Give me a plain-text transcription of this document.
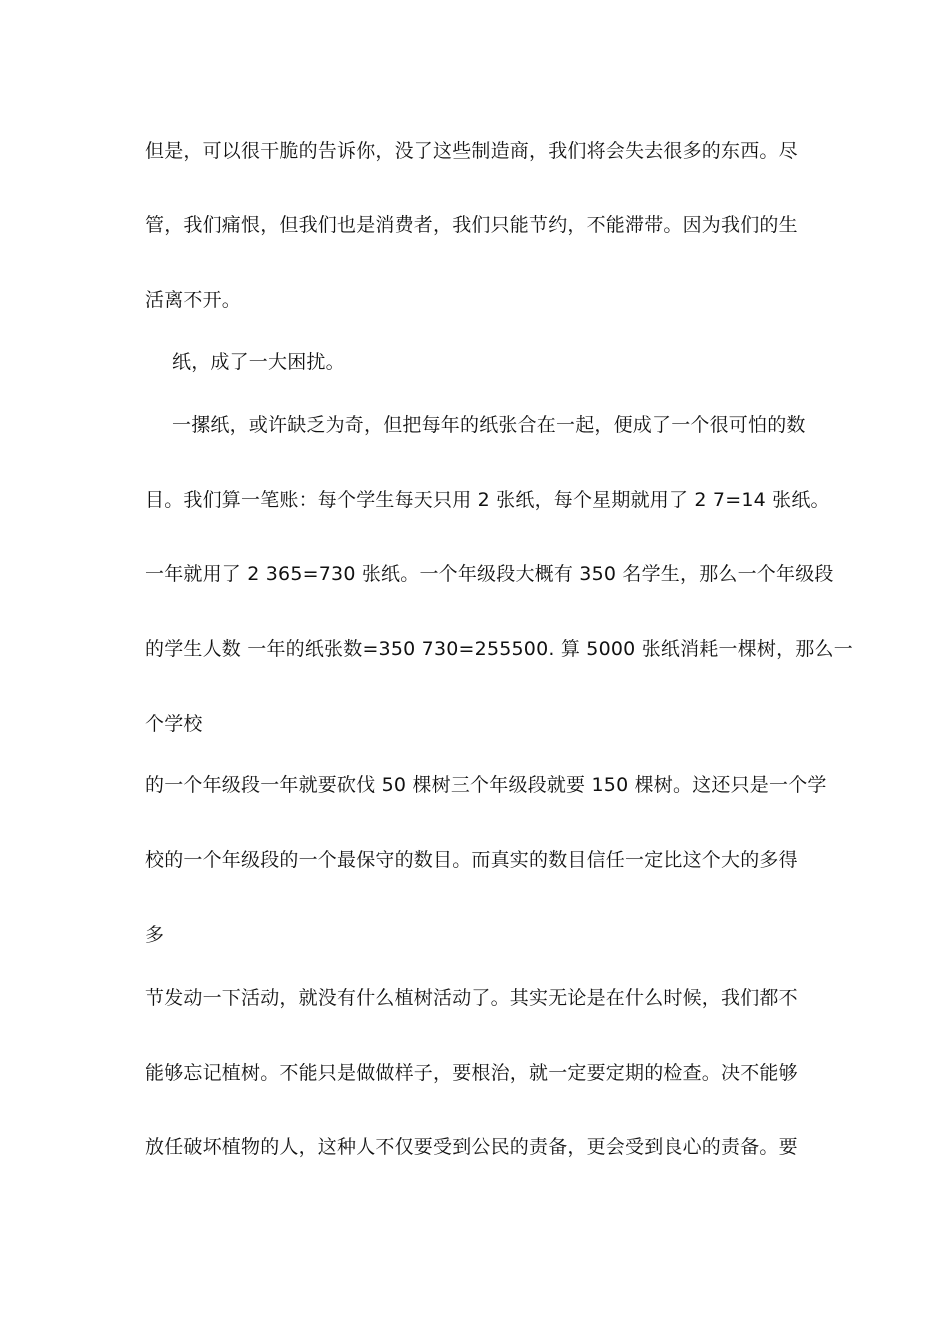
但是，可以很干脆的告诉你，没了这些制造商，我们将会失去很多的东西。尽
管，我们痛恨，但我们也是消费者，我们只能节约，不能滞带。因为我们的生
活离不开。
纸，成了一大困扰。
一摞纸，或许缺乏为奇，但把每年的纸张合在一起，便成了一个很可怕的数
目。我们算一笔账：每个学生每天只用 2 张纸，每个星期就用了 2 7=14 张纸。
一年就用了 2 365=730 张纸。一个年级段大概有 350 名学生，那么一个年级段
的学生人数 一年的纸张数=350 730=255500. 算 5000 张纸消耗一棵树，那么一
个学校
的一个年级段一年就要砍伐 50 棵树三个年级段就要 150 棵树。这还只是一个学
校的一个年级段的一个最保守的数目。而真实的数目信任一定比这个大的多得
多
节发动一下活动，就没有什么植树活动了。其实无论是在什么时候，我们都不
能够忘记植树。不能只是做做样子，要根治，就一定要定期的检查。决不能够
放任破坏植物的人，这种人不仅要受到公民的责备，更会受到良心的责备。要
